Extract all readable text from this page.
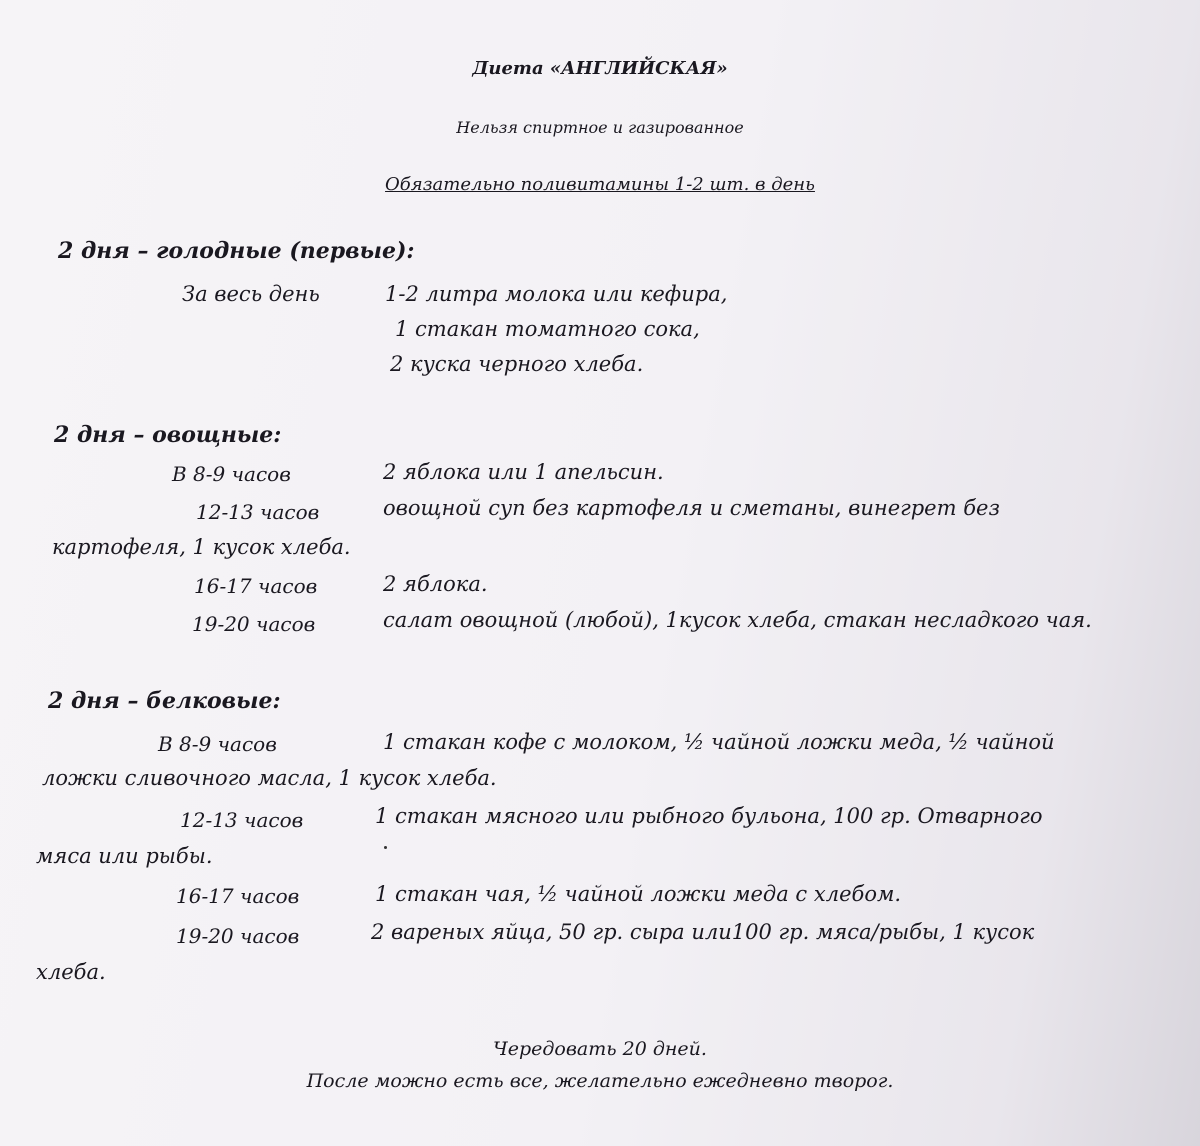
Диета «АНГЛИЙСКАЯ»
Нельзя спиртное и газированное
Обязательно поливитамины 1-2 шт. в день
2 дня – голодные (первые):
За весь день	1-2 литра молока или кефира,
1 стакан томатного сока,
2 куска черного хлеба.
2 дня – овощные:
В 8-9 часов	2 яблока или 1 апельсин.
12-13 часов	овощной суп без картофеля и сметаны, винегрет без
картофеля, 1 кусок хлеба.
16-17 часов	2 яблока.
19-20 часов	салат овощной (любой), 1кусок хлеба, стакан несладкого чая.
2 дня – белковые:
В 8-9 часов	1 стакан кофе с молоком, ½ чайной ложки меда, ½ чайной
ложки сливочного масла, 1 кусок хлеба.
12-13 часов	1 стакан мясного или рыбного бульона, 100 гр. Отварного
мяса или рыбы.
16-17 часов	1 стакан чая, ½ чайной ложки меда с хлебом.
19-20 часов	2 вареных яйца, 50 гр. сыра или100 гр. мяса/рыбы, 1 кусок
хлеба.
Чередовать 20 дней.
После можно есть все, желательно ежедневно творог.
